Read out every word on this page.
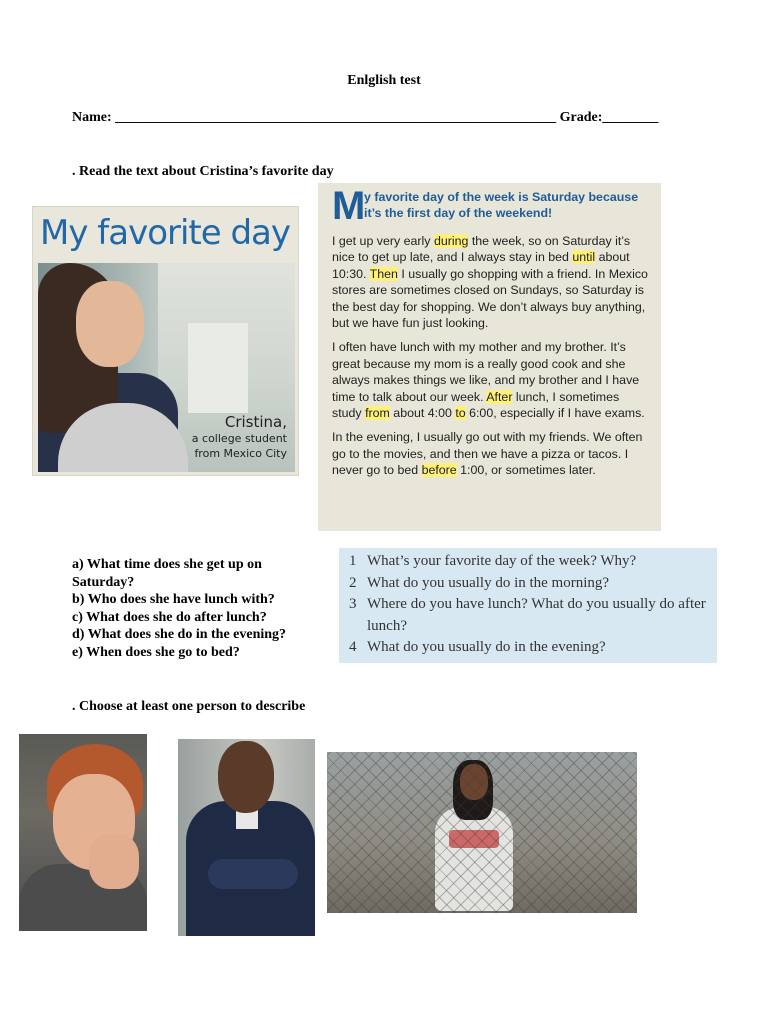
Enlglish test
Name: _______________________________________________________________ Grade:________
. Read the text about Cristina’s favorite day
My favorite day
Cristina,
a college student
from Mexico City
M
y favorite day of the week is Saturday because it’s the first day of the weekend!

I get up very early during the week, so on Saturday it’s nice to get up late, and I always stay in bed until about 10:30. Then I usually go shopping with a friend. In Mexico stores are sometimes closed on Sundays, so Saturday is the best day for shopping. We don’t always buy anything, but we have fun just looking.

I often have lunch with my mother and my brother. It’s great because my mom is a really good cook and she always makes things we like, and my brother and I have time to talk about our week. After lunch, I sometimes study from about 4:00 to 6:00, especially if I have exams.

In the evening, I usually go out with my friends. We often go to the movies, and then we have a pizza or tacos. I never go to bed before 1:00, or sometimes later.

a) What time does she get up on Saturday?
b) Who does she have lunch with?
c) What does she do after lunch?
d) What does she do in the evening?
e) When does she go to bed?
1 What’s your favorite day of the week? Why?
2 What do you usually do in the morning?
3 Where do you have lunch? What do you usually do after lunch?
4 What do you usually do in the evening?
. Choose at least one person to describe
